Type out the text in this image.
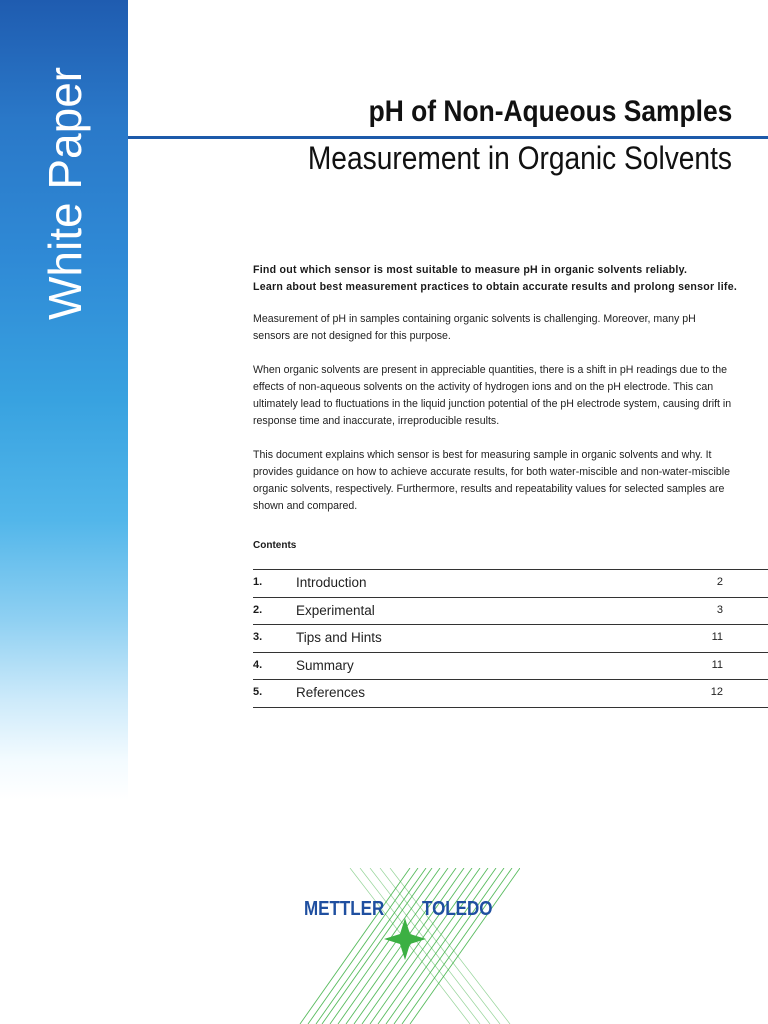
White Paper	pH of Non-Aqueous Samples
Measurement in Organic Solvents

Find out which sensor is most suitable to measure pH in organic solvents reliably.

Learn about best measurement practices to obtain accurate results and prolong sensor life.

Measurement of pH in samples containing organic solvents is challenging. Moreover, many pH sensors are not designed for this purpose.

When organic solvents are present in appreciable quantities, there is a shift in pH readings due to the effects of non-aqueous solvents on the activity of hydrogen ions and on the pH electrode. This can ultimately lead to fluctuations in the liquid junction potential of the pH electrode system, causing drift in response time and inaccurate, irreproducible results.

This document explains which sensor is best for measuring sample in organic solvents and why. It provides guidance on how to achieve accurate results, for both water-miscible and non-water-miscible organic solvents, respectively. Furthermore, results and repeatability values for selected samples are shown and compared.

Contents
1.	Introduction	2
2.	Experimental	3
3.	Tips and Hints	11
4.	Summary	11
5.	References	12
METTLER TOLEDO
